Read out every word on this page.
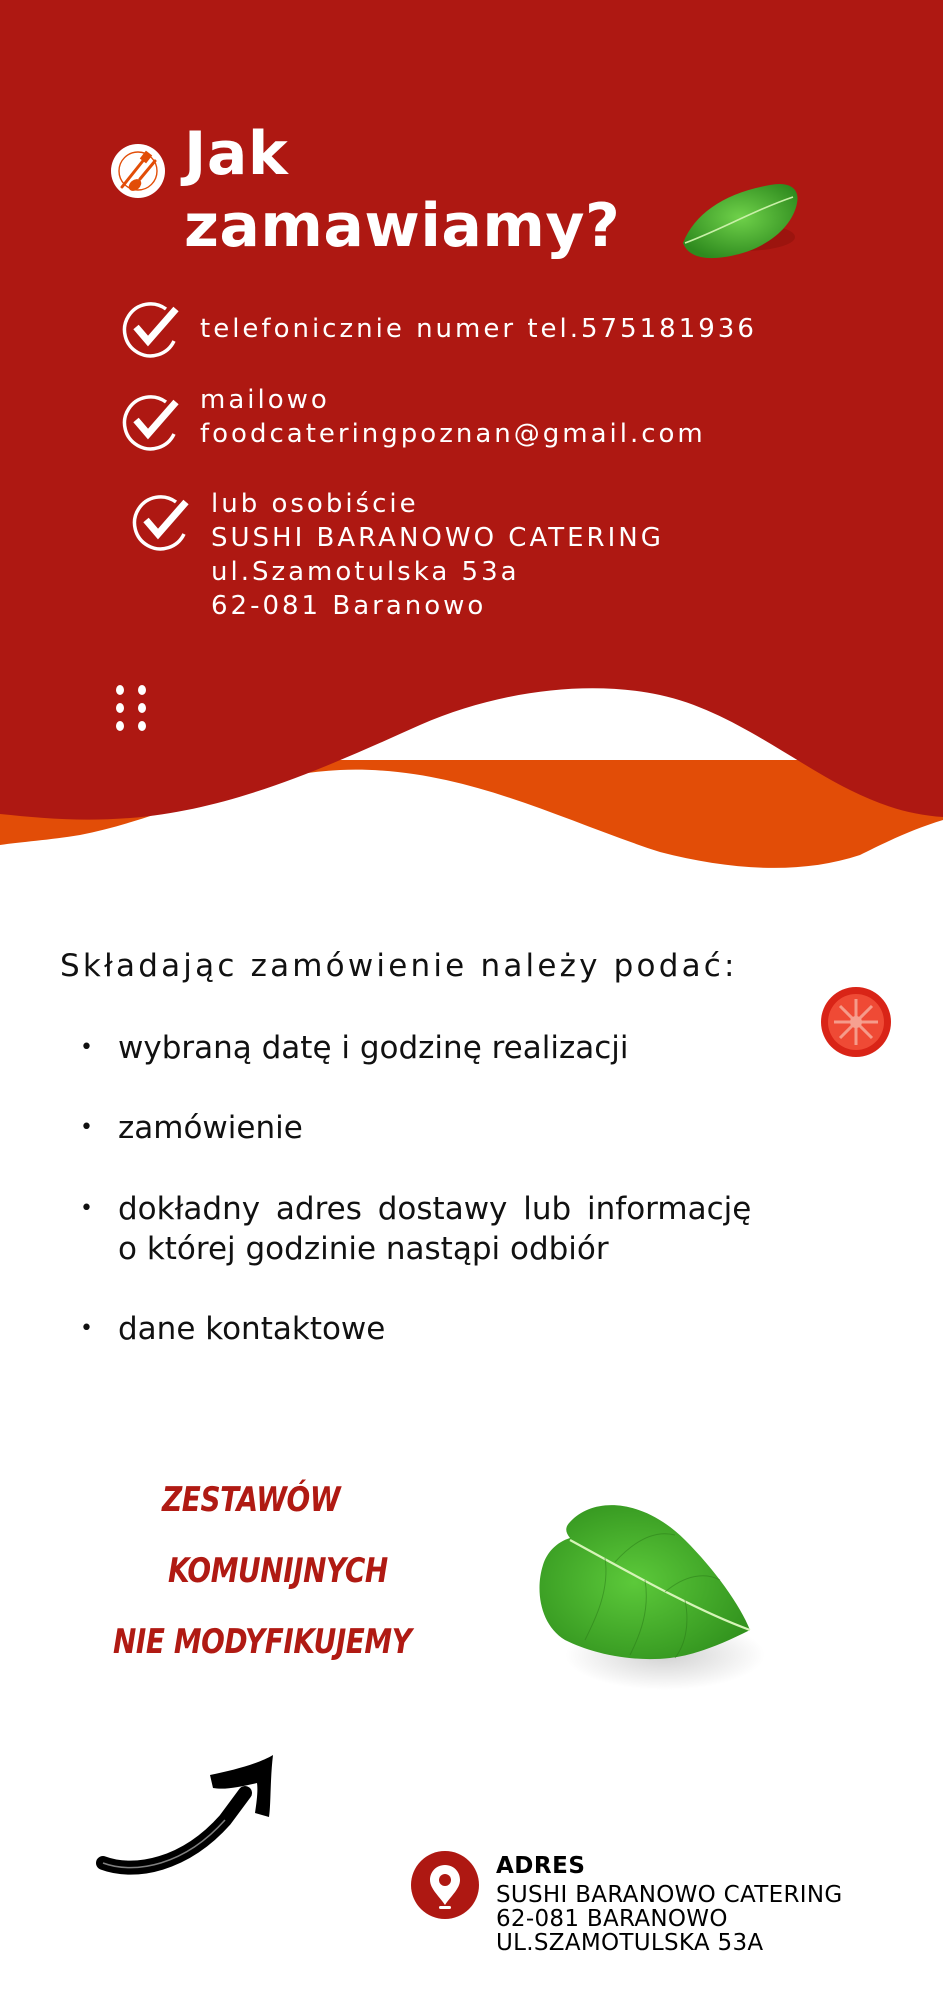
Jak
zamawiamy?
telefonicznie numer tel.575181936
mailowo
foodcateringpoznan@gmail.com
lub osobiście
SUSHI BARANOWO CATERING
ul.Szamotulska 53a
62-081 Baranowo
Składając zamówienie należy podać:
• wybraną datę i godzinę realizacji
• zamówienie
• dokładny adres dostawy lub informację
o której godzinie nastąpi odbiór
• dane kontaktowe
ZESTAWÓW
KOMUNIJNYCH
NIE MODYFIKUJEMY
ADRES
SUSHI BARANOWO CATERING
62-081 BARANOWO
UL.SZAMOTULSKA 53A
